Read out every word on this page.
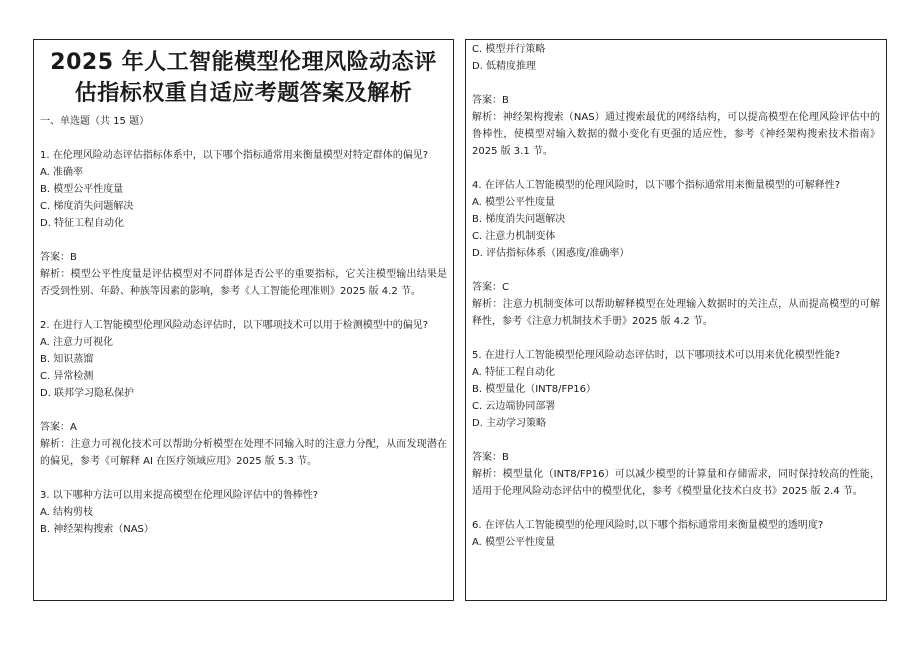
2025 年人工智能模型伦理风险动态评
估指标权重自适应考题答案及解析
一、单选题（共 15 题）
1. 在伦理风险动态评估指标体系中，以下哪个指标通常用来衡量模型对特定群体的偏见?
A. 准确率
B. 模型公平性度量
C. 梯度消失问题解决
D. 特征工程自动化
答案：B
解析：模型公平性度量是评估模型对不同群体是否公平的重要指标，它关注模型输出结果是否受到性别、年龄、种族等因素的影响，参考《人工智能伦理准则》2025 版 4.2 节。
2. 在进行人工智能模型伦理风险动态评估时，以下哪项技术可以用于检测模型中的偏见?
A. 注意力可视化
B. 知识蒸馏
C. 异常检测
D. 联邦学习隐私保护
答案：A
解析：注意力可视化技术可以帮助分析模型在处理不同输入时的注意力分配，从而发现潜在的偏见，参考《可解释 AI 在医疗领域应用》2025 版 5.3 节。
3. 以下哪种方法可以用来提高模型在伦理风险评估中的鲁棒性?
A. 结构剪枝
B. 神经架构搜索（NAS）
C. 模型并行策略
D. 低精度推理
答案：B
解析：神经架构搜索（NAS）通过搜索最优的网络结构，可以提高模型在伦理风险评估中的鲁棒性，使模型对输入数据的微小变化有更强的适应性，参考《神经架构搜索技术指南》2025 版 3.1 节。
4. 在评估人工智能模型的伦理风险时，以下哪个指标通常用来衡量模型的可解释性?
A. 模型公平性度量
B. 梯度消失问题解决
C. 注意力机制变体
D. 评估指标体系（困惑度/准确率）
答案：C
解析：注意力机制变体可以帮助解释模型在处理输入数据时的关注点，从而提高模型的可解释性，参考《注意力机制技术手册》2025 版 4.2 节。
5. 在进行人工智能模型伦理风险动态评估时，以下哪项技术可以用来优化模型性能?
A. 特征工程自动化
B. 模型量化（INT8/FP16）
C. 云边端协同部署
D. 主动学习策略
答案：B
解析：模型量化（INT8/FP16）可以减少模型的计算量和存储需求，同时保持较高的性能，适用于伦理风险动态评估中的模型优化，参考《模型量化技术白皮书》2025 版 2.4 节。
6. 在评估人工智能模型的伦理风险时,以下哪个指标通常用来衡量模型的透明度?
A. 模型公平性度量
